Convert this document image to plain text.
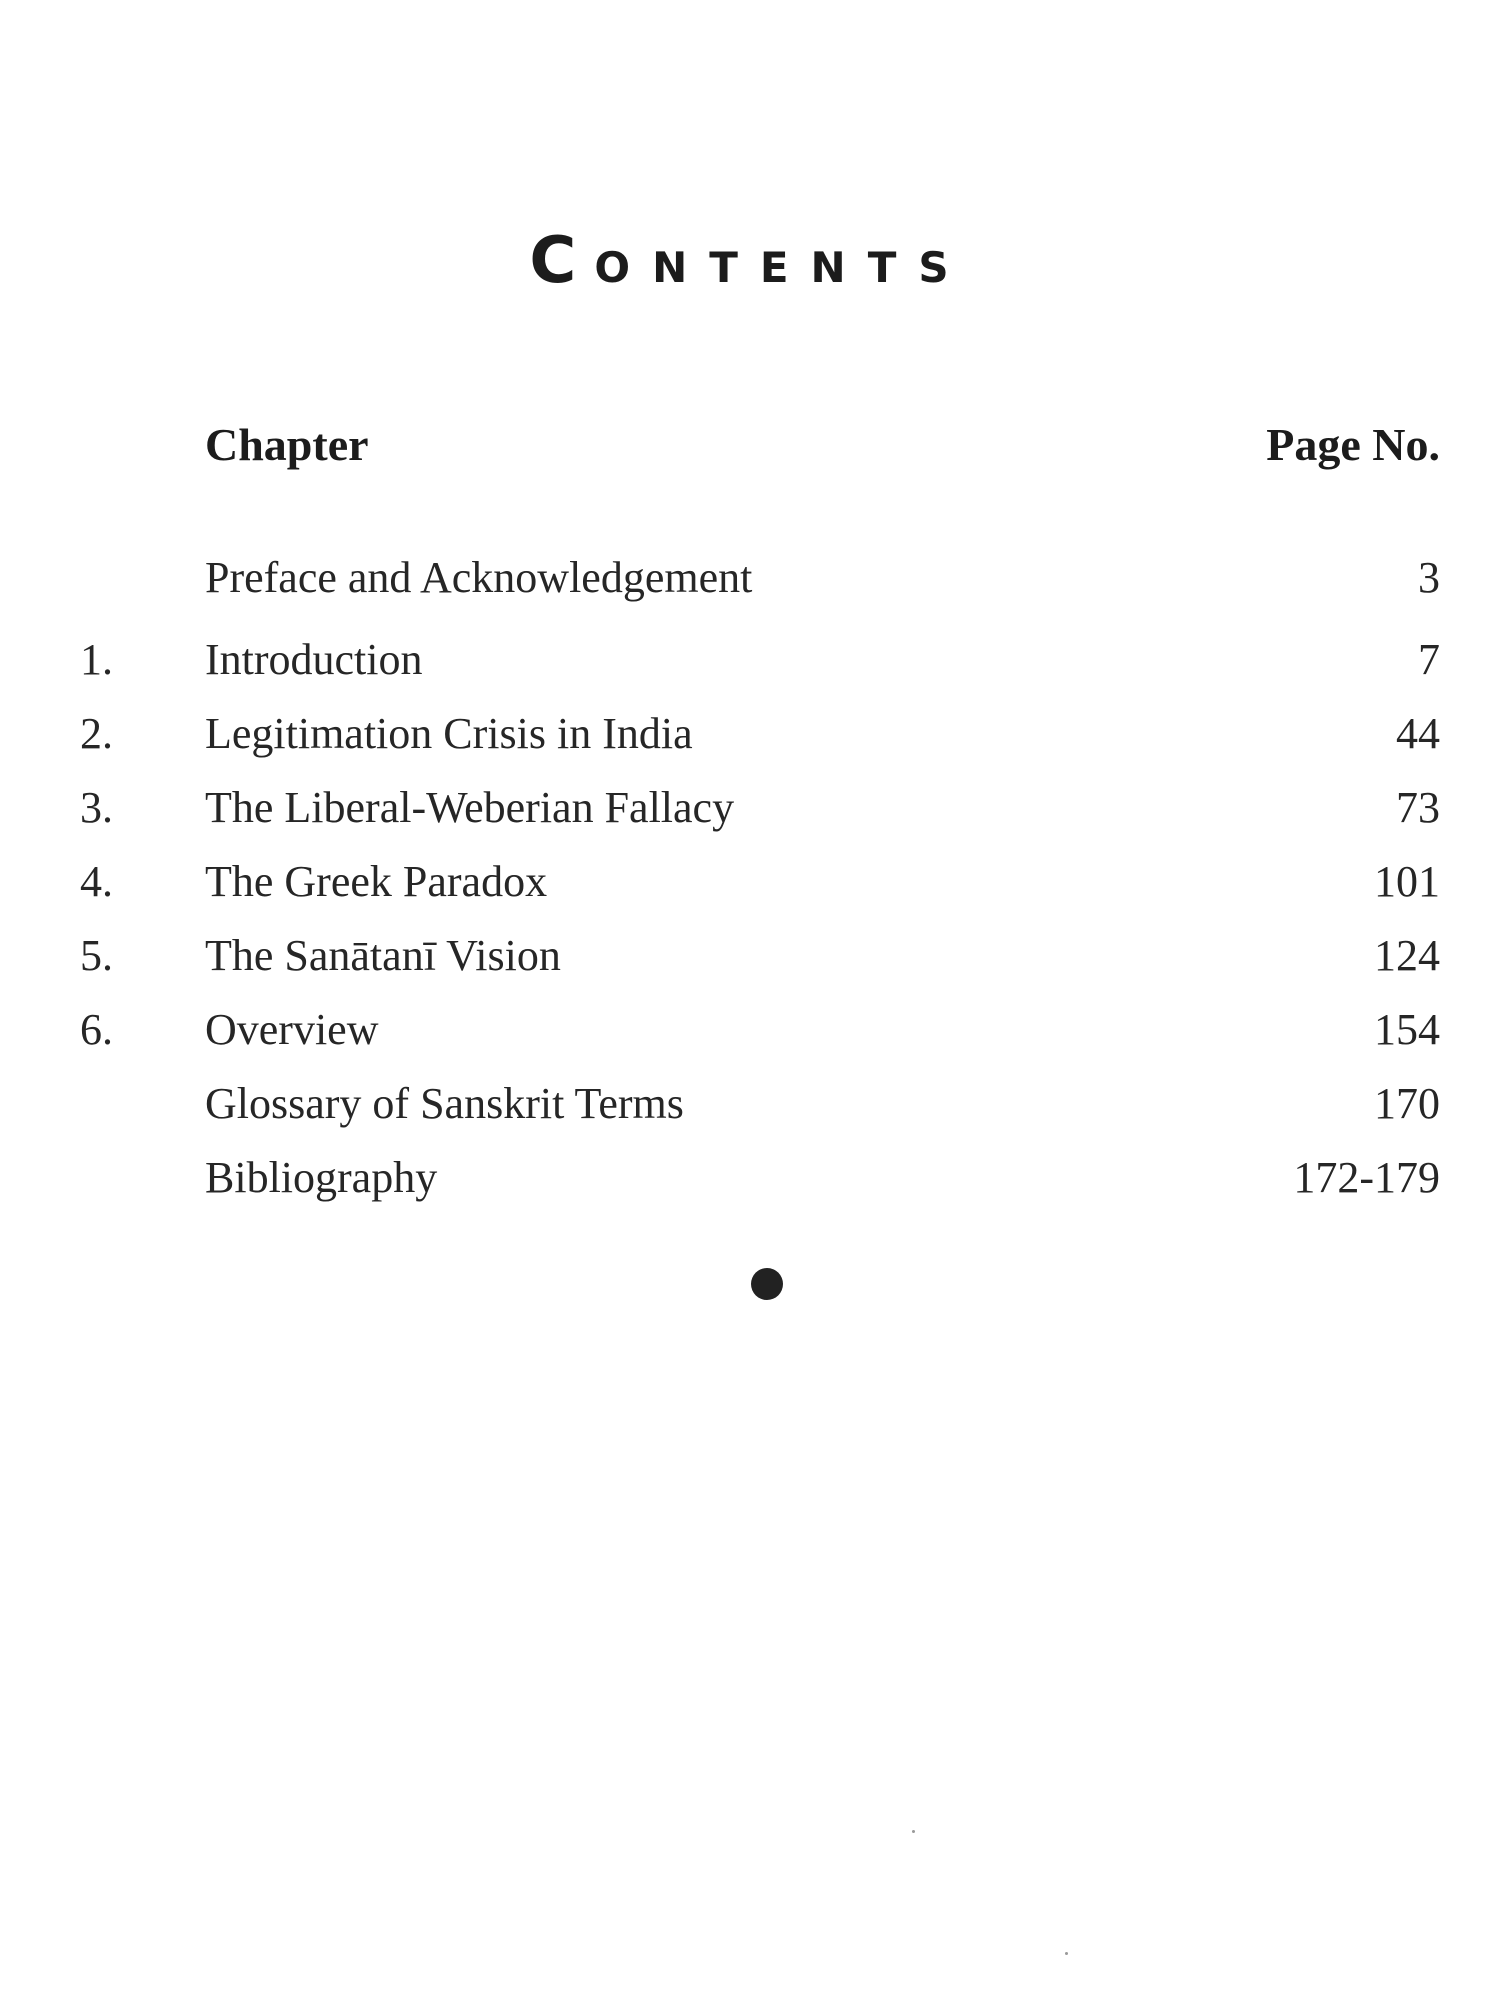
CONTENTS
Chapter	Page No.
Preface and Acknowledgement	3
1. Introduction	7
2. Legitimation Crisis in India	44
3. The Liberal-Weberian Fallacy	73
4. The Greek Paradox	101
5. The Sanātanī Vision	124
6. Overview	154
Glossary of Sanskrit Terms	170
Bibliography	172-179
